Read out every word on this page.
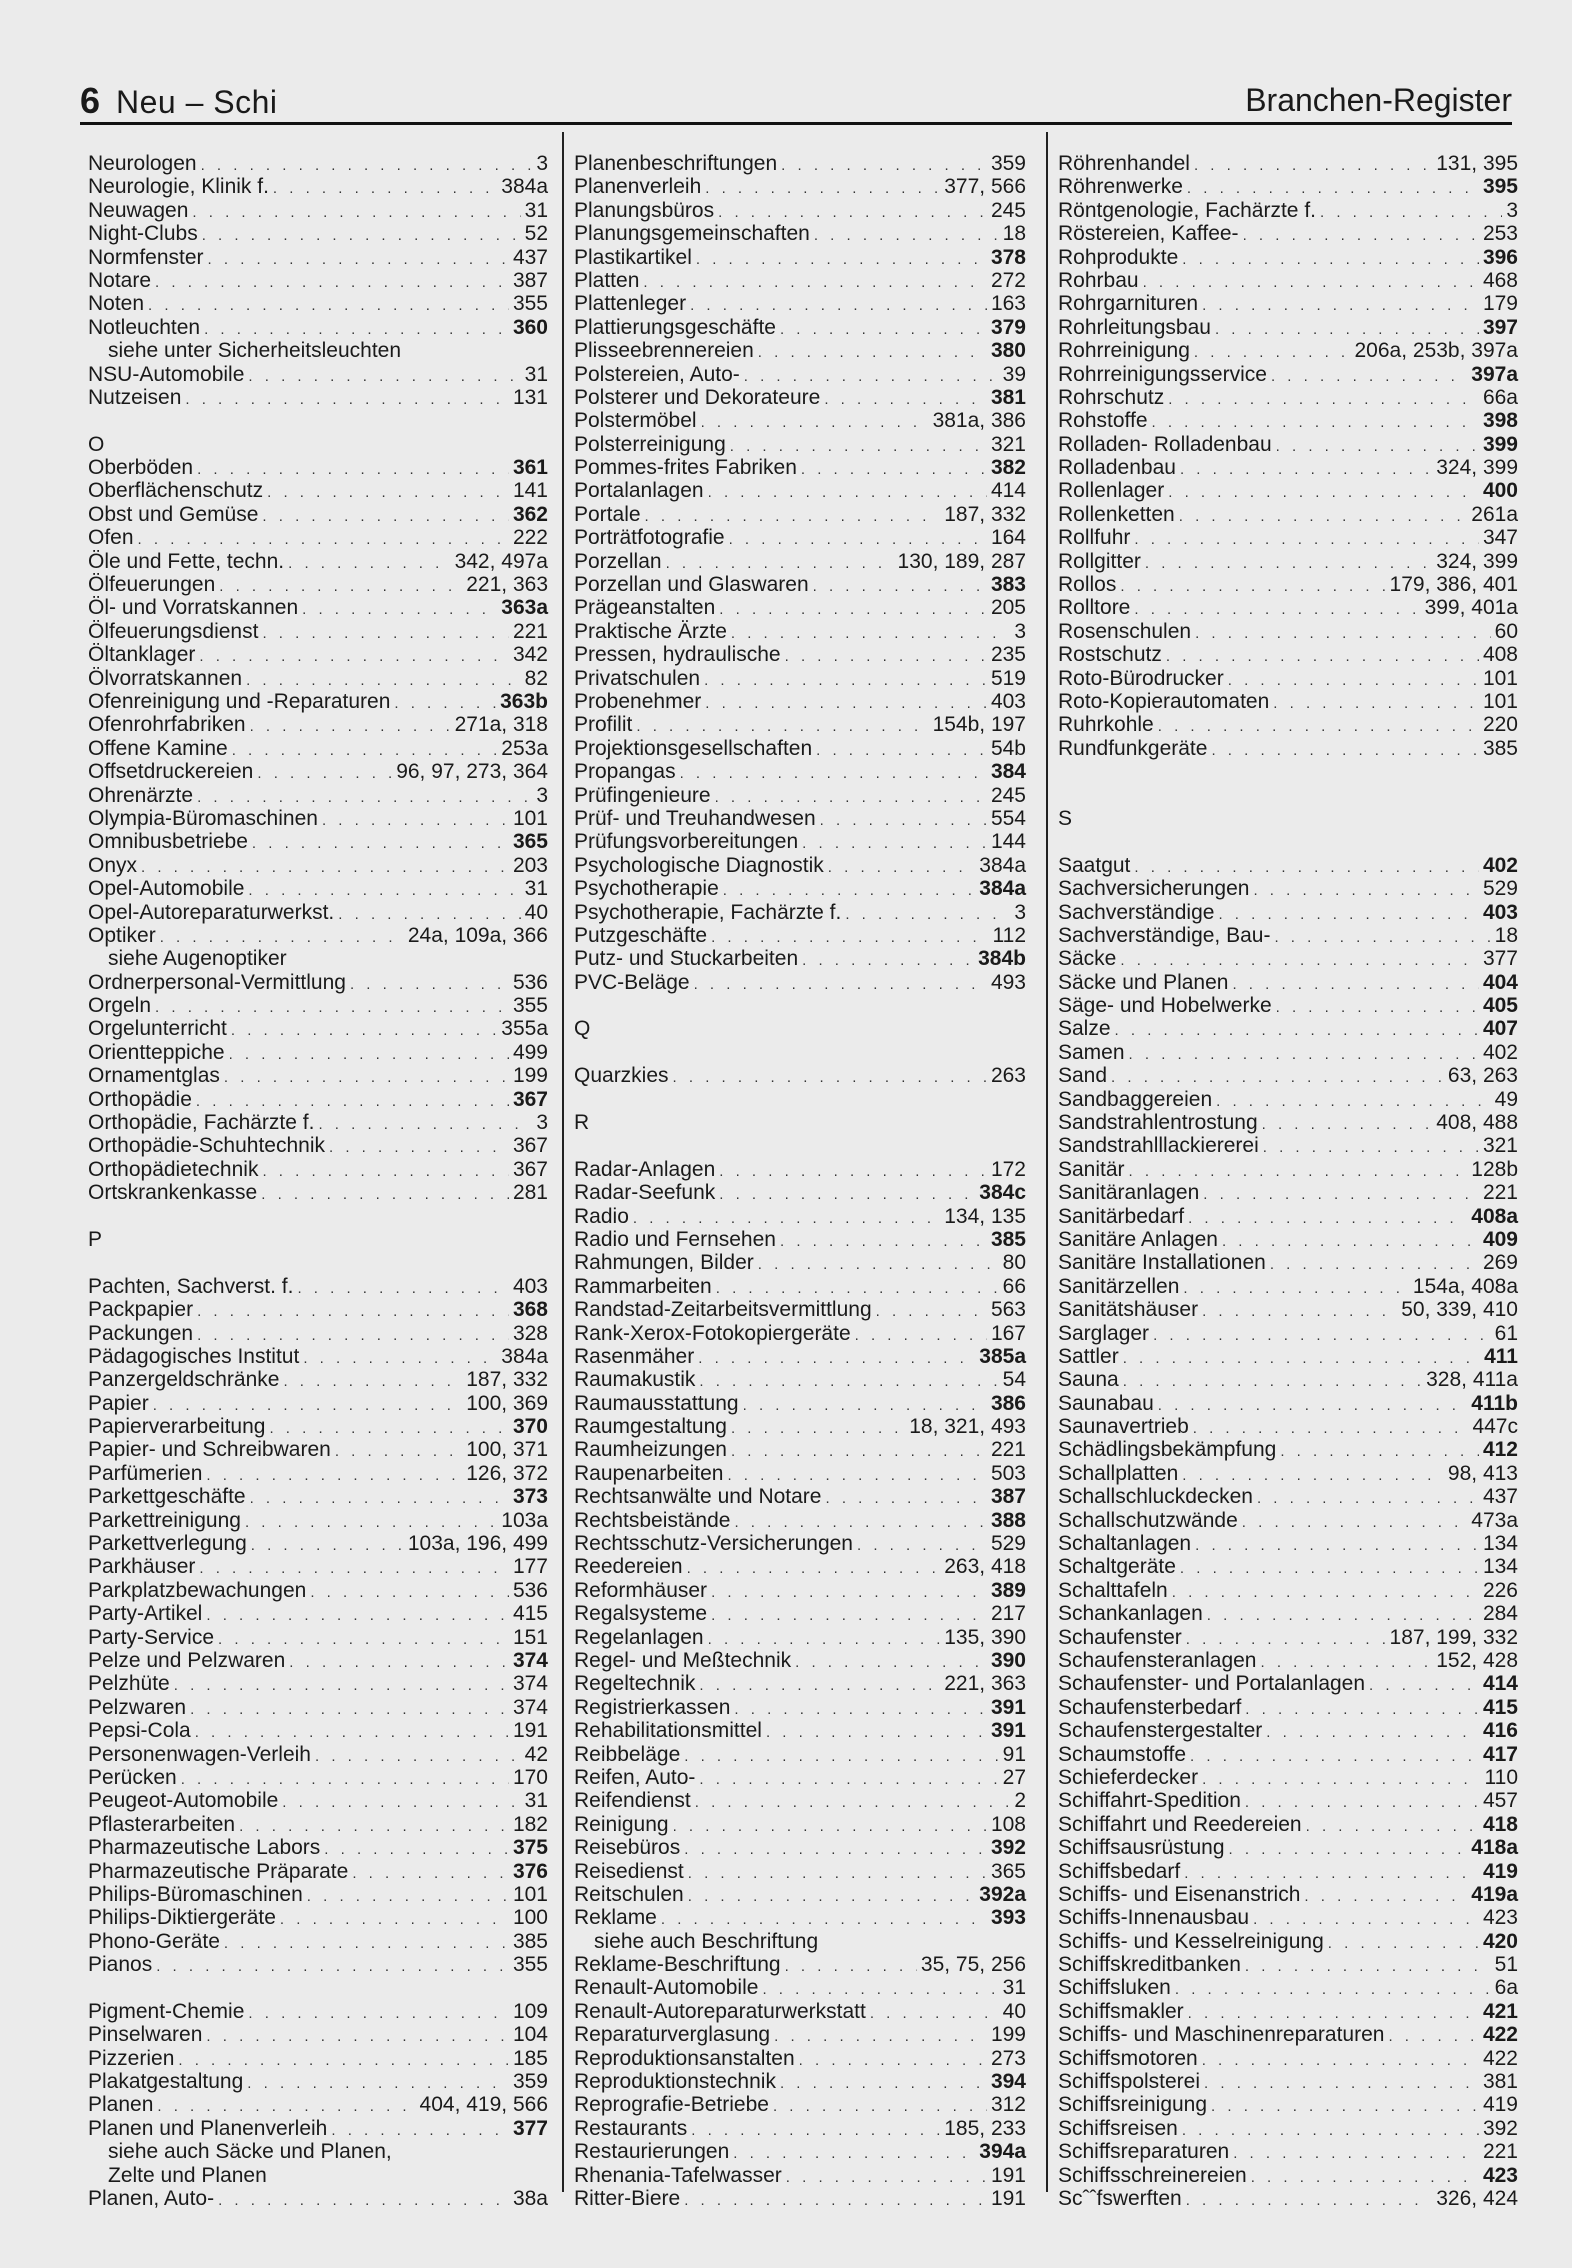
6 Neu – Schi	Branchen-Register
Neurologen . . .	3
Neurologie, Klinik f. . . .	384a
Neuwagen . . .	31
Night-Clubs . . .	52
Normfenster . . .	437
Notare . . .	387
Noten . . .	355
Notleuchten . . .	360
siehe unter Sicherheitsleuchten
NSU-Automobile . . .	31
Nutzeisen . . .	131
O
Oberböden . . .	361
Oberflächenschutz . . .	141
Obst und Gemüse . . .	362
Ofen . . .	222
Öle und Fette, techn. . . .	342, 497a
Ölfeuerungen . . .	221, 363
Öl- und Vorratskannen . . .	363a
Ölfeuerungsdienst . . .	221
Öltanklager . . .	342
Ölvorratskannen . . .	82
Ofenreinigung und -Reparaturen . . .	363b
Ofenrohrfabriken . . .	271a, 318
Offene Kamine . . .	253a
Offsetdruckereien . . .	96, 97, 273, 364
Ohrenärzte . . .	3
Olympia-Büromaschinen . . .	101
Omnibusbetriebe . . .	365
Onyx . . .	203
Opel-Automobile . . .	31
Opel-Autoreparaturwerkst. . . .	40
Optiker . . .	24a, 109a, 366
siehe Augenoptiker
Ordnerpersonal-Vermittlung . . .	536
Orgeln . . .	355
Orgelunterricht . . .	355a
Orientteppiche . . .	499
Ornamentglas . . .	199
Orthopädie . . .	367
Orthopädie, Fachärzte f. . . .	3
Orthopädie-Schuhtechnik . . .	367
Orthopädietechnik . . .	367
Ortskrankenkasse . . .	281
P
Pachten, Sachverst. f. . . .	403
Packpapier . . .	368
Packungen . . .	328
Pädagogisches Institut . . .	384a
Panzergeldschränke . . .	187, 332
Papier . . .	100, 369
Papierverarbeitung . . .	370
Papier- und Schreibwaren . . .	100, 371
Parfümerien . . .	126, 372
Parkettgeschäfte . . .	373
Parkettreinigung . . .	103a
Parkettverlegung . . .	103a, 196, 499
Parkhäuser . . .	177
Parkplatzbewachungen . . .	536
Party-Artikel . . .	415
Party-Service . . .	151
Pelze und Pelzwaren . . .	374
Pelzhüte . . .	374
Pelzwaren . . .	374
Pepsi-Cola . . .	191
Personenwagen-Verleih . . .	42
Perücken . . .	170
Peugeot-Automobile . . .	31
Pflasterarbeiten . . .	182
Pharmazeutische Labors . . .	375
Pharmazeutische Präparate . . .	376
Philips-Büromaschinen . . .	101
Philips-Diktiergeräte . . .	100
Phono-Geräte . . .	385
Pianos . . .	355
Pigment-Chemie . . .	109
Pinselwaren . . .	104
Pizzerien . . .	185
Plakatgestaltung . . .	359
Planen . . .	404, 419, 566
Planen und Planenverleih . . .	377
siehe auch Säcke und Planen,
Zelte und Planen
Planen, Auto- . . .	38a
Planenbeschriftungen . . .	359
Planenverleih . . .	377, 566
Planungsbüros . . .	245
Planungsgemeinschaften . . .	18
Plastikartikel . . .	378
Platten . . .	272
Plattenleger . . .	163
Plattierungsgeschäfte . . .	379
Plisseebrennereien . . .	380
Polstereien, Auto- . . .	39
Polsterer und Dekorateure . . .	381
Polstermöbel . . .	381a, 386
Polsterreinigung . . .	321
Pommes-frites Fabriken . . .	382
Portalanlagen . . .	414
Portale . . .	187, 332
Porträtfotografie . . .	164
Porzellan . . .	130, 189, 287
Porzellan und Glaswaren . . .	383
Prägeanstalten . . .	205
Praktische Ärzte . . .	3
Pressen, hydraulische . . .	235
Privatschulen . . .	519
Probenehmer . . .	403
Profilit . . .	154b, 197
Projektionsgesellschaften . . .	54b
Propangas . . .	384
Prüfingenieure . . .	245
Prüf- und Treuhandwesen . . .	554
Prüfungsvorbereitungen . . .	144
Psychologische Diagnostik . . .	384a
Psychotherapie . . .	384a
Psychotherapie, Fachärzte f. . . .	3
Putzgeschäfte . . .	112
Putz- und Stuckarbeiten . . .	384b
PVC-Beläge . . .	493
Q
Quarzkies . . .	263
R
Radar-Anlagen . . .	172
Radar-Seefunk . . .	384c
Radio . . .	134, 135
Radio und Fernsehen . . .	385
Rahmungen, Bilder . . .	80
Rammarbeiten . . .	66
Randstad-Zeitarbeitsvermittlung . . .	563
Rank-Xerox-Fotokopiergeräte . . .	167
Rasenmäher . . .	385a
Raumakustik . . .	54
Raumausstattung . . .	386
Raumgestaltung . . .	18, 321, 493
Raumheizungen . . .	221
Raupenarbeiten . . .	503
Rechtsanwälte und Notare . . .	387
Rechtsbeistände . . .	388
Rechtsschutz-Versicherungen . . .	529
Reedereien . . .	263, 418
Reformhäuser . . .	389
Regalsysteme . . .	217
Regelanlagen . . .	135, 390
Regel- und Meßtechnik . . .	390
Regeltechnik . . .	221, 363
Registrierkassen . . .	391
Rehabilitationsmittel . . .	391
Reibbeläge . . .	91
Reifen, Auto- . . .	27
Reifendienst . . .	2
Reinigung . . .	108
Reisebüros . . .	392
Reisedienst . . .	365
Reitschulen . . .	392a
Reklame . . .	393
siehe auch Beschriftung
Reklame-Beschriftung . . .	35, 75, 256
Renault-Automobile . . .	31
Renault-Autoreparaturwerkstatt . . .	40
Reparaturverglasung . . .	199
Reproduktionsanstalten . . .	273
Reproduktionstechnik . . .	394
Reprografie-Betriebe . . .	312
Restaurants . . .	185, 233
Restaurierungen . . .	394a
Rhenania-Tafelwasser . . .	191
Ritter-Biere . . .	191
Röhrenhandel . . .	131, 395
Röhrenwerke . . .	395
Röntgenologie, Fachärzte f. . . .	3
Röstereien, Kaffee- . . .	253
Rohprodukte . . .	396
Rohrbau . . .	468
Rohrgarnituren . . .	179
Rohrleitungsbau . . .	397
Rohrreinigung . . .	206a, 253b, 397a
Rohrreinigungsservice . . .	397a
Rohrschutz . . .	66a
Rohstoffe . . .	398
Rolladen- Rolladenbau . . .	399
Rolladenbau . . .	324, 399
Rollenlager . . .	400
Rollenketten . . .	261a
Rollfuhr . . .	347
Rollgitter . . .	324, 399
Rollos . . .	179, 386, 401
Rolltore . . .	399, 401a
Rosenschulen . . .	60
Rostschutz . . .	408
Roto-Bürodrucker . . .	101
Roto-Kopierautomaten . . .	101
Ruhrkohle . . .	220
Rundfunkgeräte . . .	385
S
Saatgut . . .	402
Sachversicherungen . . .	529
Sachverständige . . .	403
Sachverständige, Bau- . . .	18
Säcke . . .	377
Säcke und Planen . . .	404
Säge- und Hobelwerke . . .	405
Salze . . .	407
Samen . . .	402
Sand . . .	63, 263
Sandbaggereien . . .	49
Sandstrahlentrostung . . .	408, 488
Sandstrahlllackiererei . . .	321
Sanitär . . .	128b
Sanitäranlagen . . .	221
Sanitärbedarf . . .	408a
Sanitäre Anlagen . . .	409
Sanitäre Installationen . . .	269
Sanitärzellen . . .	154a, 408a
Sanitätshäuser . . .	50, 339, 410
Sarglager . . .	61
Sattler . . .	411
Sauna . . .	328, 411a
Saunabau . . .	411b
Saunavertrieb . . .	447c
Schädlingsbekämpfung . . .	412
Schallplatten . . .	98, 413
Schallschluckdecken . . .	437
Schallschutzwände . . .	473a
Schaltanlagen . . .	134
Schaltgeräte . . .	134
Schalttafeln . . .	226
Schankanlagen . . .	284
Schaufenster . . .	187, 199, 332
Schaufensteranlagen . . .	152, 428
Schaufenster- und Portalanlagen . . .	414
Schaufensterbedarf . . .	415
Schaufenstergestalter . . .	416
Schaumstoffe . . .	417
Schieferdecker . . .	110
Schiffahrt-Spedition . . .	457
Schiffahrt und Reedereien . . .	418
Schiffsausrüstung . . .	418a
Schiffsbedarf . . .	419
Schiffs- und Eisenanstrich . . .	419a
Schiffs-Innenausbau . . .	423
Schiffs- und Kesselreinigung . . .	420
Schiffskreditbanken . . .	51
Schiffsluken . . .	6a
Schiffsmakler . . .	421
Schiffs- und Maschinenreparaturen . . .	422
Schiffsmotoren . . .	422
Schiffspolsterei . . .	381
Schiffsreinigung . . .	419
Schiffsreisen . . .	392
Schiffsreparaturen . . .	221
Schiffsschreinereien . . .	423
Scˆˆfswerften . . .	326, 424
